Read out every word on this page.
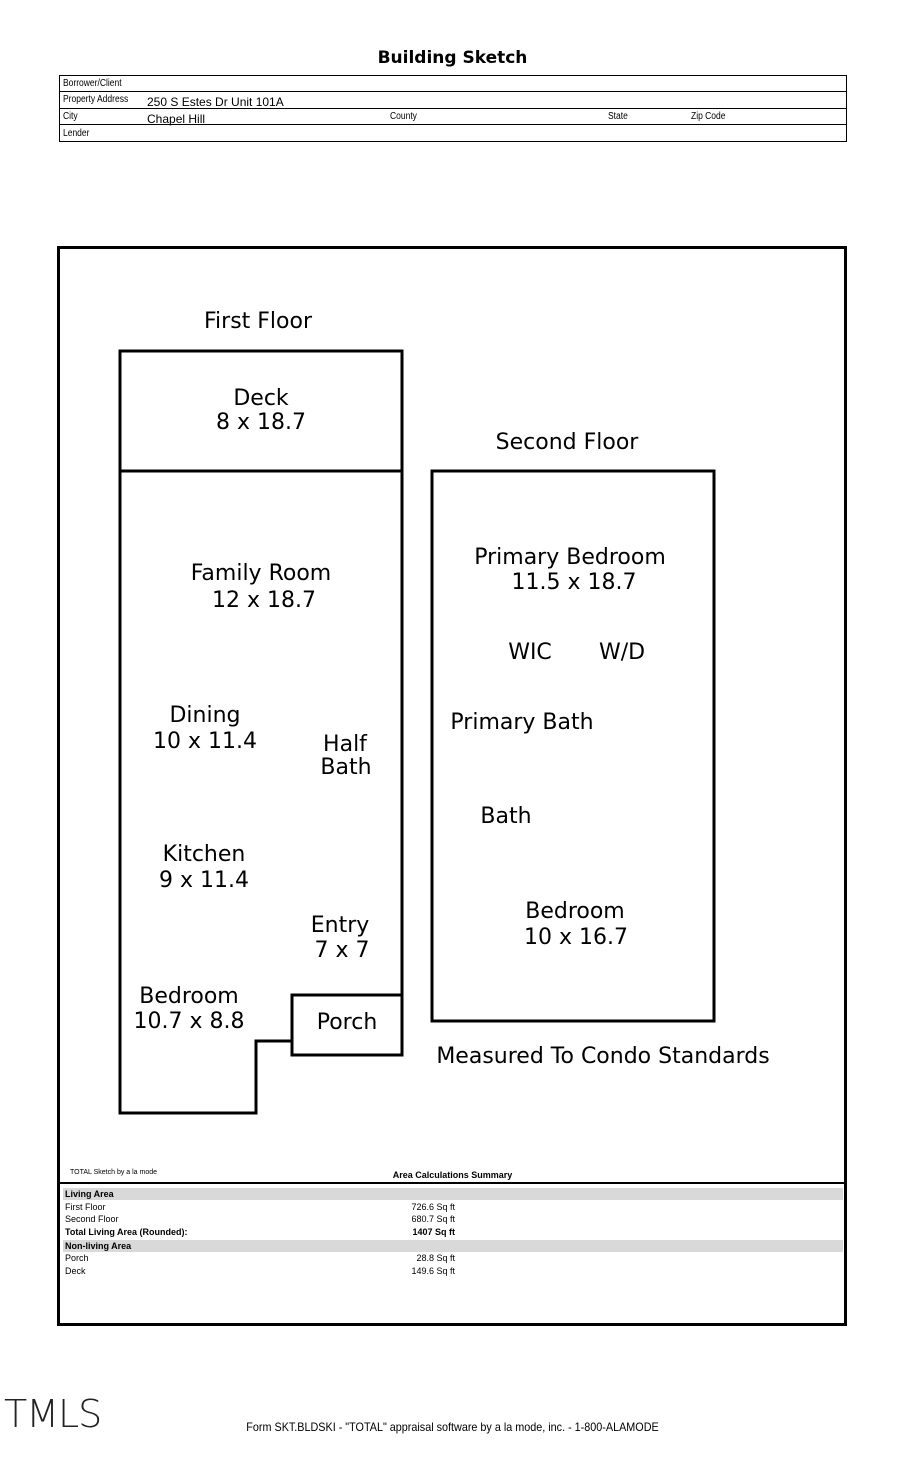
Building Sketch
Borrower/Client
Property Address 250 S Estes Dr Unit 101A
City	Chapel Hill	County	State	Zip Code
Lender
First Floor
Second Floor
Deck
8 x 18.7
Family Room
12 x 18.7
Dining
10 x 11.4	Half
Bath
Kitchen
9 x 11.4
Entry
7 x 7
Bedroom
10.7 x 8.8	Porch
Primary Bedroom
11.5 x 18.7
WIC W/D
Primary Bath
Bath
Bedroom
10 x 16.7
Measured To Condo Standards
TOTAL Sketch by a la mode	Area Calculations Summary
Living Area
First Floor	726.6 Sq ft
Second Floor	680.7 Sq ft
Total Living Area (Rounded):	1407 Sq ft
Non-living Area
Porch	28.8 Sq ft
Deck	149.6 Sq ft
TMLS	Form SKT.BLDSKI - "TOTAL" appraisal software by a la mode, inc. - 1-800-ALAMODE
